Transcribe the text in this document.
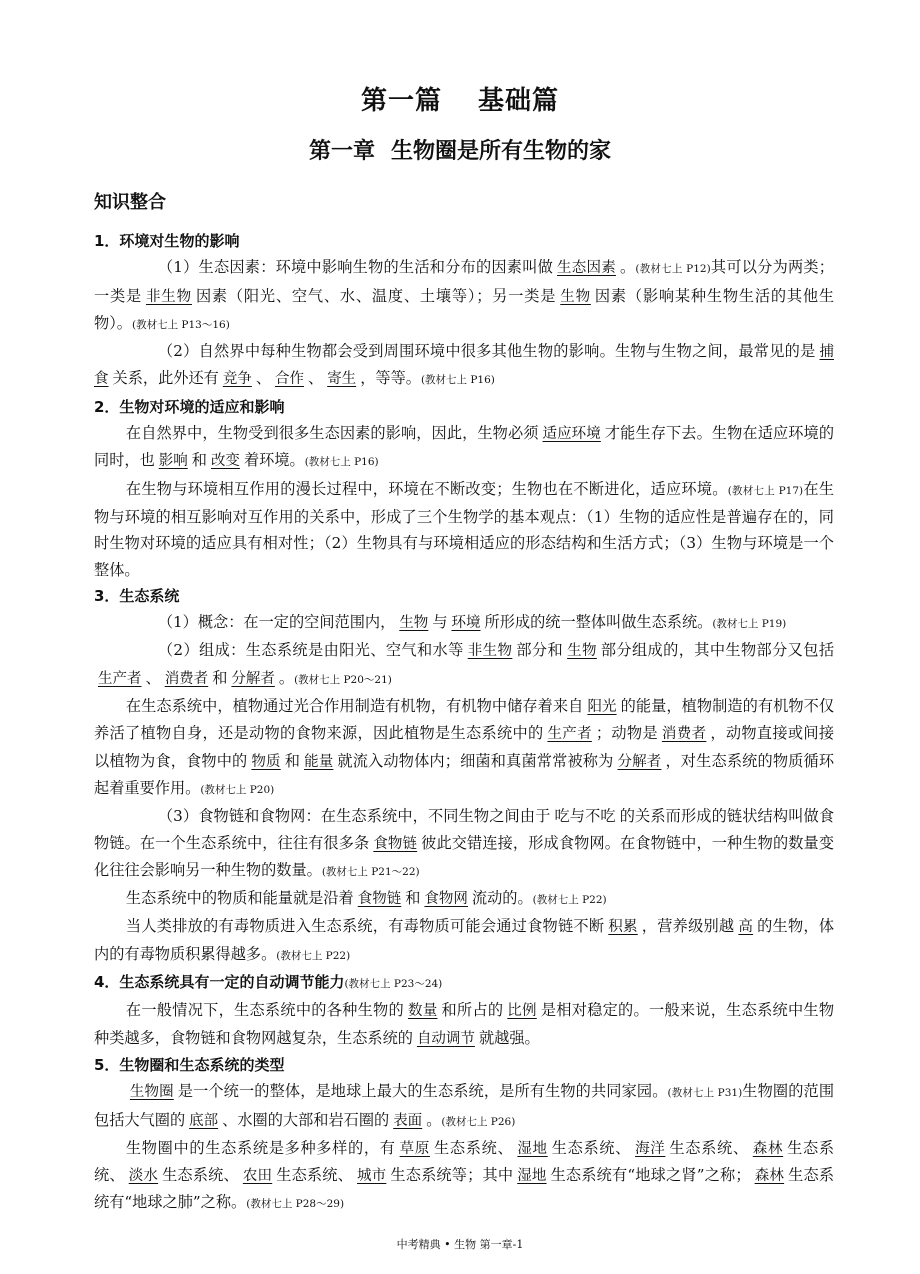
第一篇 基础篇
第一章 生物圈是所有生物的家
知识整合
1．环境对生物的影响

（1）生态因素：环境中影响生物的生活和分布的因素叫做 生态因素 。(教材七上 P12)其可以分为两类；一类是 非生物 因素（阳光、空气、水、温度、土壤等）；另一类是 生物 因素（影响某种生物生活的其他生物）。(教材七上 P13～16)

（2）自然界中每种生物都会受到周围环境中很多其他生物的影响。生物与生物之间，最常见的是 捕食 关系，此外还有 竞争 、 合作 、 寄生 ，等等。(教材七上 P16)

2．生物对环境的适应和影响

在自然界中，生物受到很多生态因素的影响，因此，生物必须 适应环境 才能生存下去。生物在适应环境的同时，也 影响 和 改变 着环境。(教材七上 P16)

在生物与环境相互作用的漫长过程中，环境在不断改变；生物也在不断进化，适应环境。(教材七上 P17)在生物与环境的相互影响对互作用的关系中，形成了三个生物学的基本观点：（1）生物的适应性是普遍存在的，同时生物对环境的适应具有相对性；（2）生物具有与环境相适应的形态结构和生活方式；（3）生物与环境是一个整体。

3．生态系统

（1）概念：在一定的空间范围内， 生物 与 环境 所形成的统一整体叫做生态系统。(教材七上 P19)

（2）组成：生态系统是由阳光、空气和水等 非生物 部分和 生物 部分组成的，其中生物部分又包括生产者 、 消费者 和 分解者 。(教材七上 P20～21)

在生态系统中，植物通过光合作用制造有机物，有机物中储存着来自 阳光 的能量，植物制造的有机物不仅养活了植物自身，还是动物的食物来源，因此植物是生态系统中的 生产者 ；动物是 消费者 ，动物直接或间接以植物为食，食物中的 物质 和 能量 就流入动物体内；细菌和真菌常常被称为 分解者 ，对生态系统的物质循环起着重要作用。(教材七上 P20)

（3）食物链和食物网：在生态系统中，不同生物之间由于 吃与不吃 的关系而形成的链状结构叫做食物链。在一个生态系统中，往往有很多条 食物链 彼此交错连接，形成食物网。在食物链中，一种生物的数量变化往往会影响另一种生物的数量。(教材七上 P21～22)

生态系统中的物质和能量就是沿着 食物链 和 食物网 流动的。(教材七上 P22)

当人类排放的有毒物质进入生态系统，有毒物质可能会通过食物链不断 积累 ，营养级别越 高 的生物，体内的有毒物质积累得越多。(教材七上 P22)

4．生态系统具有一定的自动调节能力(教材七上 P23～24)

在一般情况下，生态系统中的各种生物的 数量 和所占的 比例 是相对稳定的。一般来说，生态系统中生物种类越多，食物链和食物网越复杂，生态系统的 自动调节 就越强。

5．生物圈和生态系统的类型

生物圈 是一个统一的整体，是地球上最大的生态系统，是所有生物的共同家园。(教材七上 P31)生物圈的范围包括大气圈的 底部 、水圈的大部和岩石圈的 表面 。(教材七上 P26)

生物圈中的生态系统是多种多样的，有 草原 生态系统、 湿地 生态系统、 海洋 生态系统、 森林 生态系统、 淡水 生态系统、 农田 生态系统、 城市 生态系统等；其中 湿地 生态系统有“地球之肾”之称； 森林 生态系统有“地球之肺”之称。(教材七上 P28～29)

中考精典 • 生物 第一章-1
